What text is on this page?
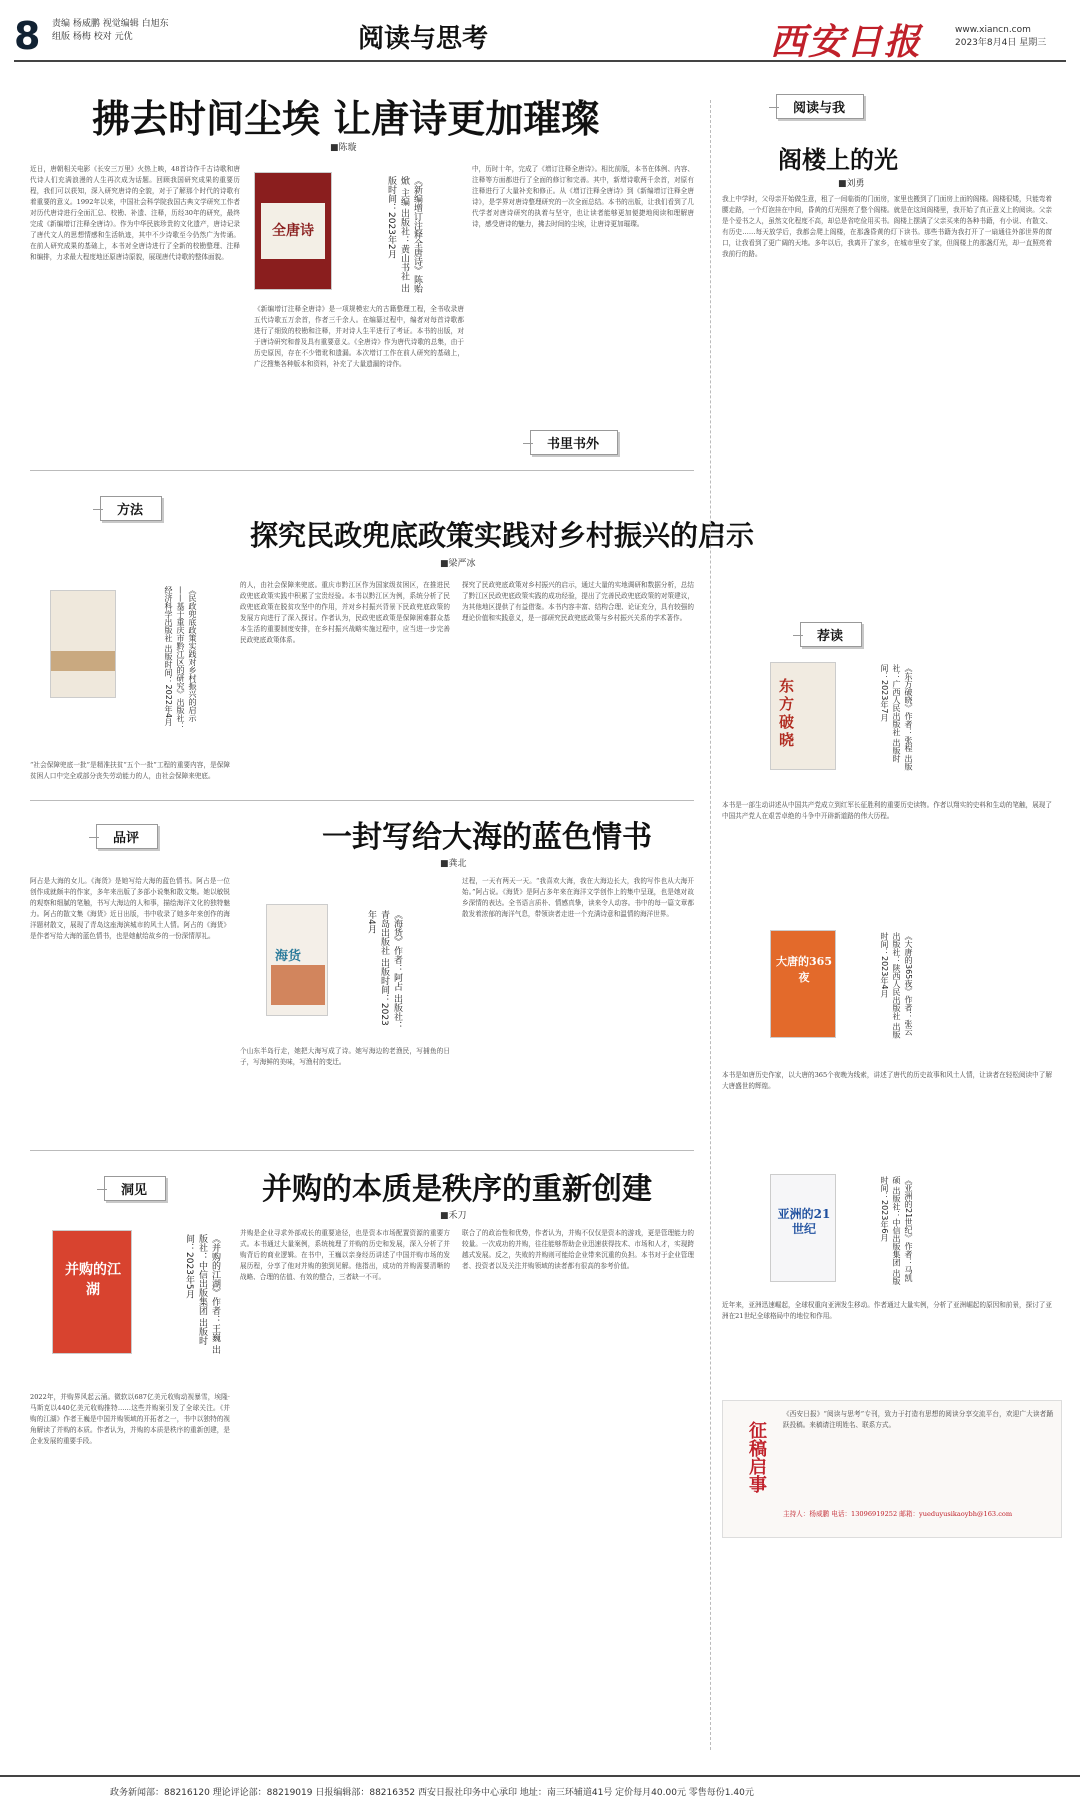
8 责编 杨威鹏 视觉编辑 白旭东
组版 杨梅 校对 元优	阅读与思考	西安日报	www.xiancn.com
2023年8月4日 星期三
拂去时间尘埃 让唐诗更加璀璨
■陈璇
近日，唐朝相关电影《长安三万里》火热上映，48首诗作千古诗歌和唐代诗人们充满浪漫的人生再次成为话题。回顾我国研究成果的重要历程，我们可以获知，深入研究唐诗的全貌，对于了解那个时代的诗歌有着重要的意义。1992年以来，中国社会科学院我国古典文学研究工作者对历代唐诗进行全面汇总、校勘、补遗、注释，历经30年的研究，最终完成《新编增订注释全唐诗》。作为中华民族珍贵的文化遗产，唐诗记录了唐代文人的思想情感和生活轨迹，其中不少诗歌至今仍然广为传诵。在前人研究成果的基础上，本书对全唐诗进行了全新的校勘整理、注释和编排，力求最大程度地还原唐诗原貌，展现唐代诗歌的整体面貌。
全唐诗	《新编增订注释全唐诗》陈贻焮 主编 出版社：黄山书社 出版时间：2023年2月
《新编增订注释全唐诗》是一项规模宏大的古籍整理工程，全书收录唐五代诗歌五万余首，作者三千余人。在编纂过程中，编者对每首诗歌都进行了细致的校勘和注释，并对诗人生平进行了考证。本书的出版，对于唐诗研究和普及具有重要意义。《全唐诗》作为唐代诗歌的总集，由于历史原因，存在不少错讹和遗漏。本次增订工作在前人研究的基础上，广泛搜集各种版本和资料，补充了大量遗漏的诗作。
中，历时十年，完成了《增订注释全唐诗》。相比前版，本书在体例、内容、注释等方面都进行了全面的修订和完善。其中，新增诗歌两千余首，对原有注释进行了大量补充和修正。从《增订注释全唐诗》到《新编增订注释全唐诗》，是学界对唐诗整理研究的一次全面总结。本书的出版，让我们看到了几代学者对唐诗研究的执着与坚守，也让读者能够更加便捷地阅读和理解唐诗，感受唐诗的魅力，拂去时间的尘埃，让唐诗更加璀璨。
书里书外
方法
探究民政兜底政策实践对乡村振兴的启示
■梁严冰
《民政兜底政策实践对乡村振兴的启示——基于重庆市黔江区的研究》出版社：经济科学出版社 出版时间：2022年4月
“社会保障兜底一批”是精准扶贫“五个一批”工程的重要内容，是保障贫困人口中完全或部分丧失劳动能力的人，由社会保障来兜底。
的人，由社会保障来兜底。重庆市黔江区作为国家级贫困区，在推进民政兜底政策实践中积累了宝贵经验。本书以黔江区为例，系统分析了民政兜底政策在脱贫攻坚中的作用，并对乡村振兴背景下民政兜底政策的发展方向进行了深入探讨。作者认为，民政兜底政策是保障困难群众基本生活的重要制度安排，在乡村振兴战略实施过程中，应当进一步完善民政兜底政策体系。
探究了民政兜底政策对乡村振兴的启示，通过大量的实地调研和数据分析，总结了黔江区民政兜底政策实践的成功经验，提出了完善民政兜底政策的对策建议，为其他地区提供了有益借鉴。本书内容丰富、结构合理、论证充分，具有较强的理论价值和实践意义，是一部研究民政兜底政策与乡村振兴关系的学术著作。
品评	一封写给大海的蓝色情书
■龚北
阿占是大海的女儿。《海货》是她写给大海的蓝色情书。阿占是一位创作成就颇丰的作家，多年来出版了多部小说集和散文集。她以敏锐的观察和细腻的笔触，书写大海边的人和事，描绘海洋文化的独特魅力。阿占的散文集《海货》近日出版，书中收录了她多年来创作的海洋题材散文，展现了青岛这座海滨城市的风土人情。阿占的《海货》是作者写给大海的蓝色情书，也是她献给故乡的一份深情厚礼。
海货	《海货》作者：阿占 出版社：青岛出版社 出版时间：2023年4月
个山东半岛行走，她把大海写成了诗。她写海边的老渔民，写捕鱼的日子，写海鲜的美味，写渔村的变迁。
过程，一天有两天一天。“我喜欢大海，我在大海边长大，我的写作也从大海开始。”阿占说。《海货》是阿占多年来在海洋文学创作上的集中呈现，也是她对故乡深情的表达。全书语言质朴、情感真挚，读来令人动容。书中的每一篇文章都散发着浓郁的海洋气息，带领读者走进一个充满诗意和温情的海洋世界。
洞见	并购的本质是秩序的重新创建
■禾刀
并购的江湖	《并购的江湖》作者：王巍 出版社：中信出版集团 出版时间：2023年5月
2022年，并购界风起云涌。微软以687亿美元收购动视暴雪，埃隆·马斯克以440亿美元收购推特……这些并购案引发了全球关注。《并购的江湖》作者王巍是中国并购领域的开拓者之一，书中以独特的视角解读了并购的本质。作者认为，并购的本质是秩序的重新创建，是企业发展的重要手段。
并购是企业寻求外部成长的重要途径，也是资本市场配置资源的重要方式。本书通过大量案例，系统梳理了并购的历史和发展，深入分析了并购背后的商业逻辑。在书中，王巍以亲身经历讲述了中国并购市场的发展历程，分享了他对并购的独到见解。他指出，成功的并购需要清晰的战略、合理的估值、有效的整合，三者缺一不可。
联合了的政治性和优势，作者认为，并购不仅仅是资本的游戏，更是管理能力的较量。一次成功的并购，往往能够帮助企业迅速获得技术、市场和人才，实现跨越式发展。反之，失败的并购则可能给企业带来沉重的负担。本书对于企业管理者、投资者以及关注并购领域的读者都有很高的参考价值。
阅读与我
阁楼上的光
■刘勇
我上中学时，父母亲开始做生意，租了一间临街的门面房，家里也搬到了门面房上面的阁楼。阁楼很矮，只能弯着腰走路，一个灯泡挂在中间，昏黄的灯光照亮了整个阁楼。就是在这间阁楼里，我开始了真正意义上的阅读。父亲是个爱书之人，虽然文化程度不高，却总是省吃俭用买书。阁楼上摆满了父亲买来的各种书籍，有小说、有散文、有历史……每天放学后，我都会爬上阁楼，在那盏昏黄的灯下读书。那些书籍为我打开了一扇通往外部世界的窗口，让我看到了更广阔的天地。多年以后，我离开了家乡，在城市里安了家，但阁楼上的那盏灯光，却一直照亮着我前行的路。
荐读
东方破晓	《东方破晓》作者：张程 出版社：广西人民出版社 出版时间：2023年7月
本书是一部生动讲述从中国共产党成立到红军长征胜利的重要历史读物。作者以翔实的史料和生动的笔触，展现了中国共产党人在艰苦卓绝的斗争中开辟新道路的伟大历程。
大唐的365夜	《大唐的365夜》作者：张云 出版社：陕西人民出版社 出版时间：2023年4月
本书是如唐历史作家，以大唐的365个夜晚为线索，讲述了唐代的历史故事和风土人情，让读者在轻松阅读中了解大唐盛世的辉煌。
亚洲的21世纪	《亚洲的21世纪》作者：马凯硕 出版社：中信出版集团 出版时间：2023年6月
近年来，亚洲迅速崛起，全球权重向亚洲发生移动。作者通过大量实例，分析了亚洲崛起的原因和前景，探讨了亚洲在21世纪全球格局中的地位和作用。
征稿启事
《西安日报》“阅读与思考”专刊，致力于打造有思想的阅读分享交流平台，欢迎广大读者踊跃投稿。来稿请注明姓名、联系方式。
主持人：杨威鹏 电话：13096919252 邮箱：yueduyusikaoybh@163.com
政务新闻部：88216120 理论评论部：88219019 日报编辑部：88216352 西安日报社印务中心承印 地址：南三环辅道41号 定价每月40.00元 零售每份1.40元
